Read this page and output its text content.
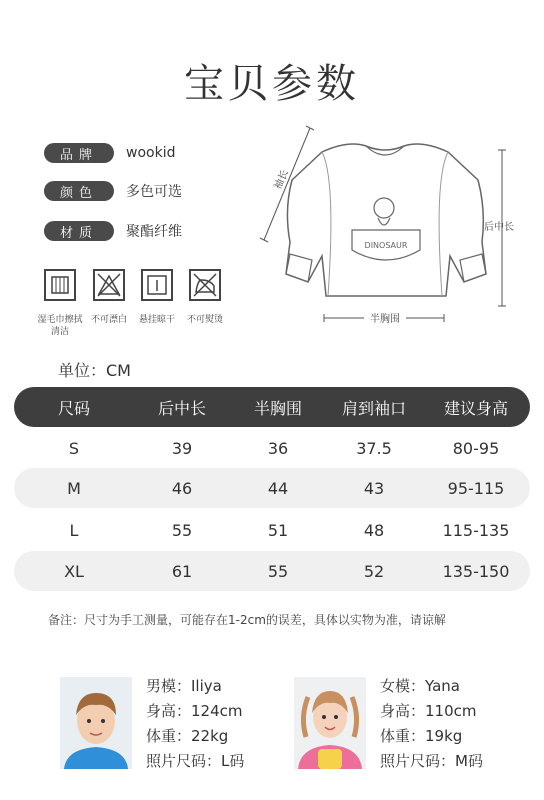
宝贝参数
品牌	wookid
颜色	多色可选
材质	聚酯纤维
湿毛巾擦拭清洁
不可漂白	悬挂晾干	不可熨烫
DINOSAUR
袖长
后中长
半胸围
单位：CM
尺码	后中长	半胸围	肩到袖口	建议身高
S	39	36	37.5	80-95
M	46	44	43	95-115
L	55	51	48	115-135
XL	61	55	52	135-150
备注：尺寸为手工测量，可能存在1-2cm的误差，具体以实物为准，请谅解
男模：Iliya
身高：124cm
体重：22kg
照片尺码：L码
女模：Yana
身高：110cm
体重：19kg
照片尺码：M码
